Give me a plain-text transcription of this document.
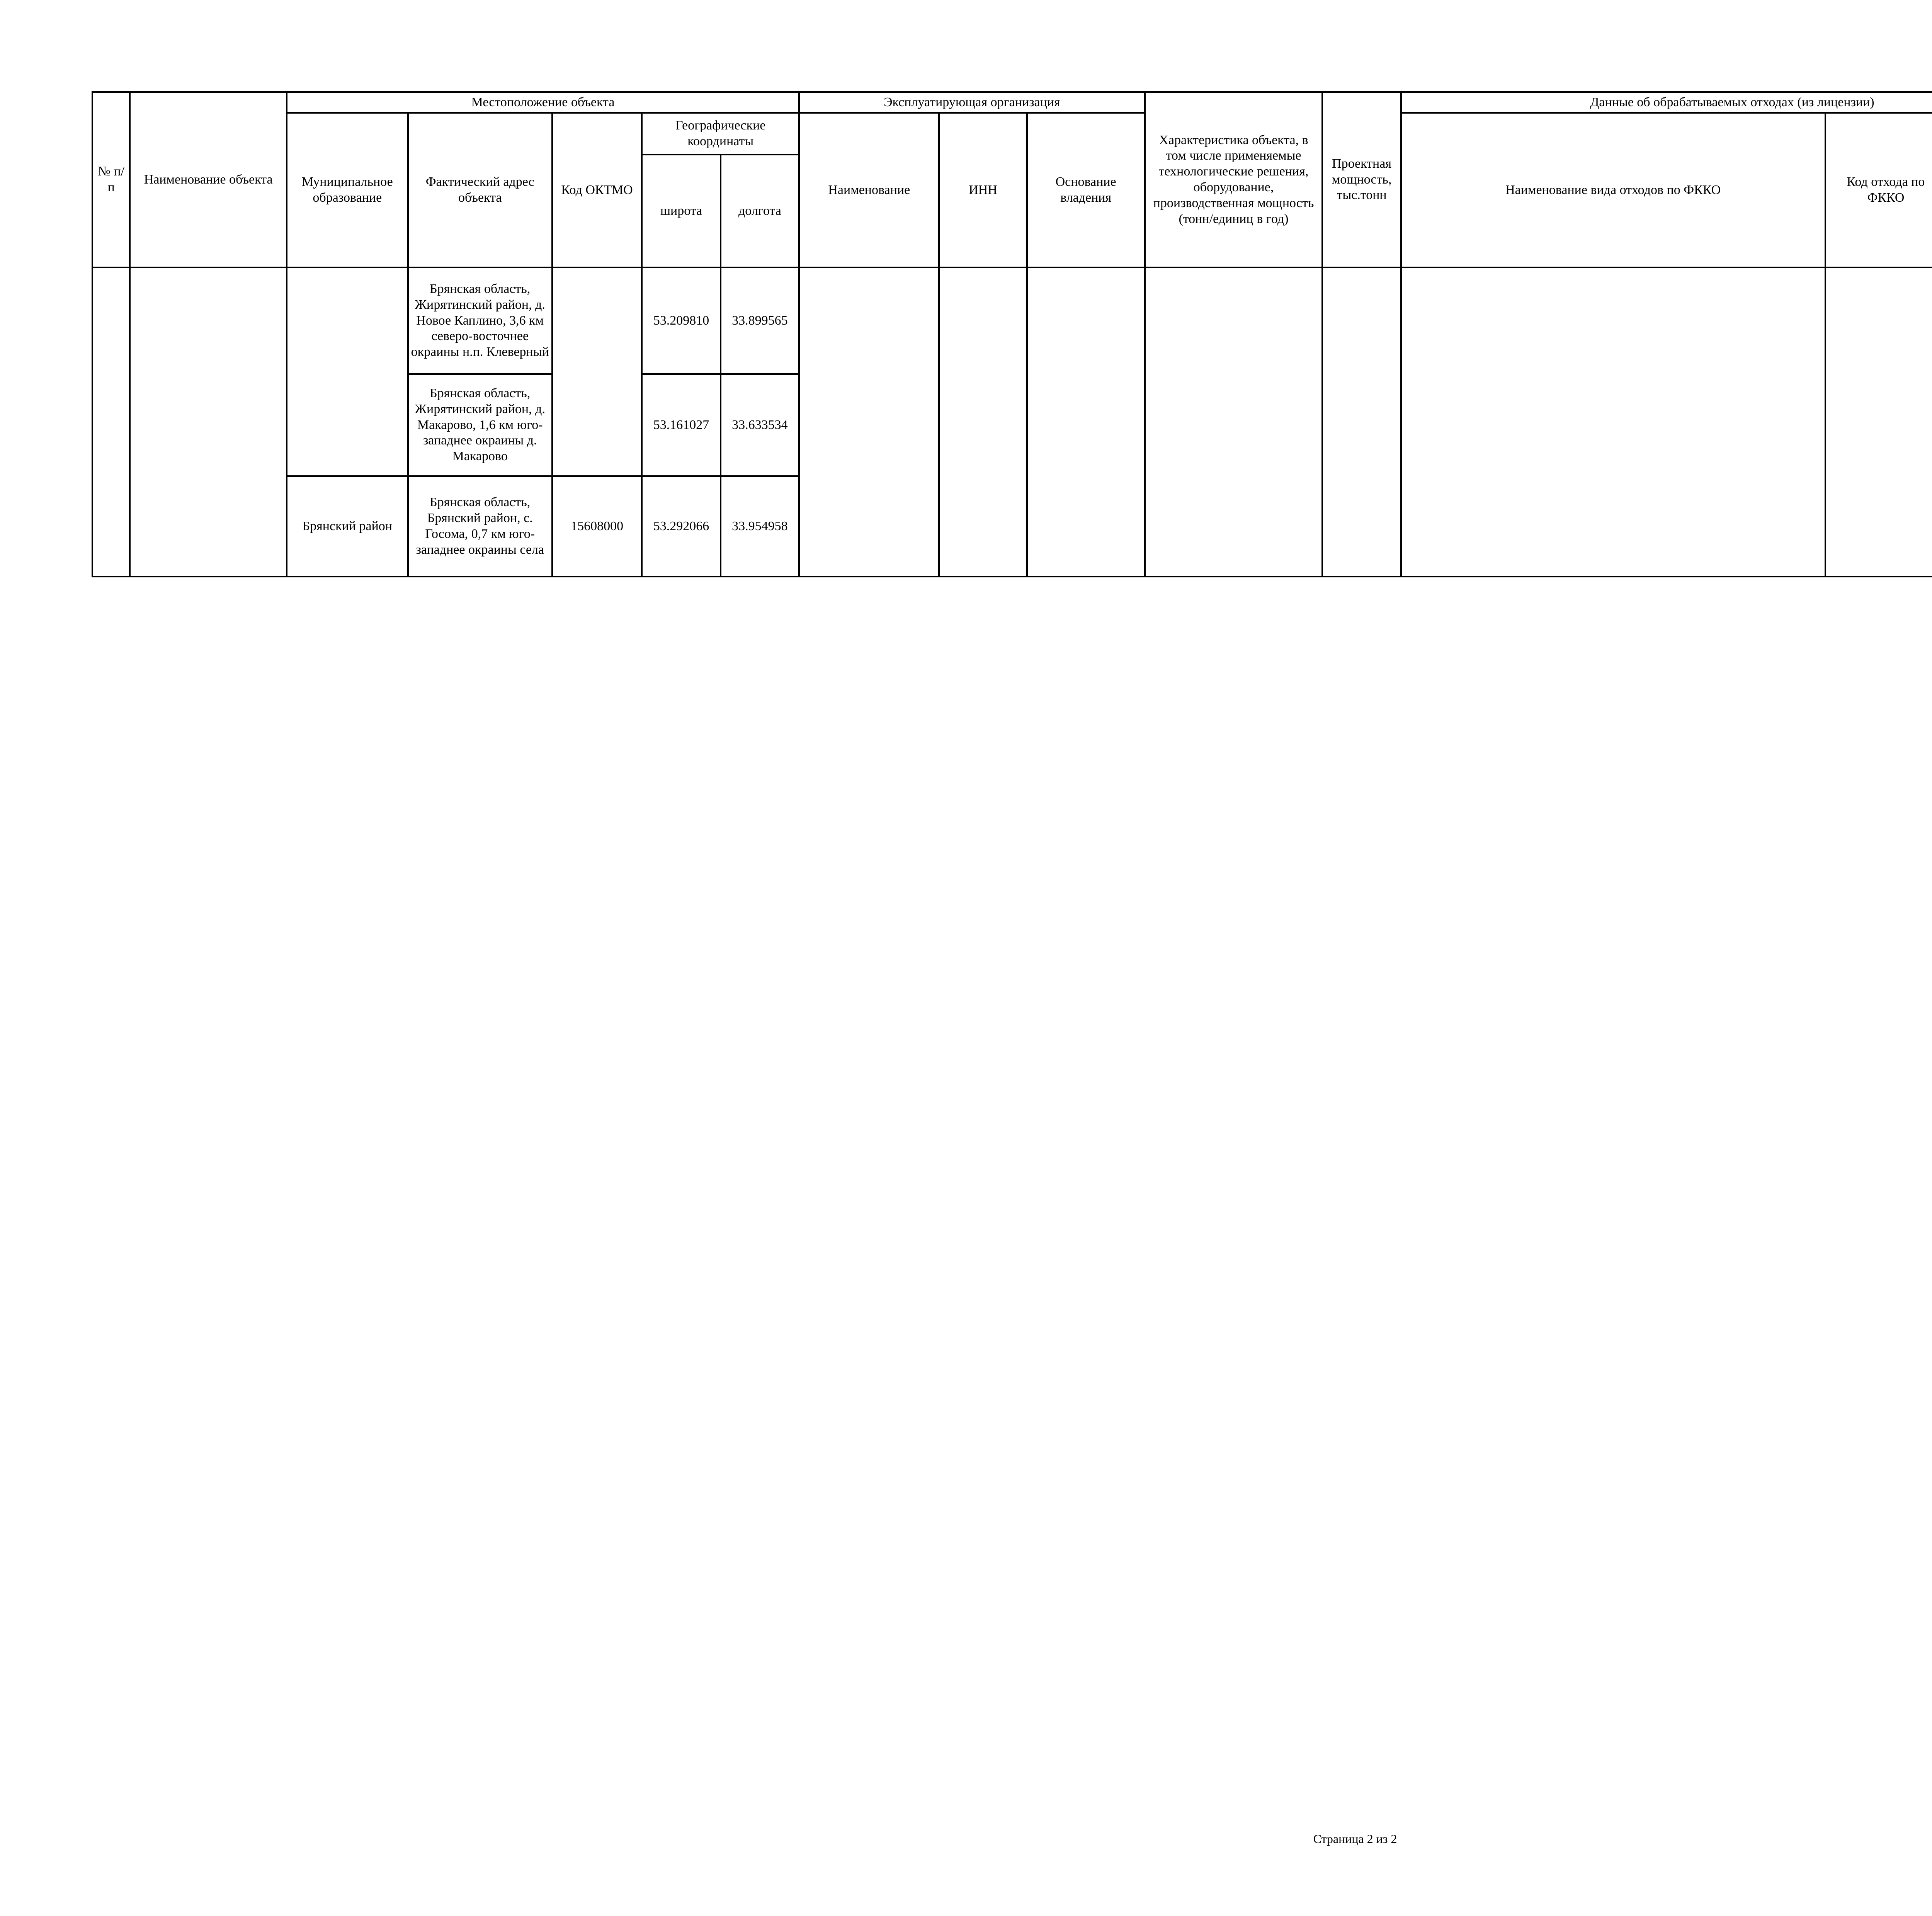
№ п/п	Наименование объекта	Местоположение объекта					Эксплуатирующая организация			Характеристика объекта, в том числе применяемые технологические решения, оборудование, производственная мощность (тонн/единиц в год)	Проектная мощность, тыс.тонн	Данные об обрабатываемых отходах (из лицензии)				
		Муниципальное образование	Фактический адрес объекта	Код ОКТМО	Географические координаты		Наименование	ИНН	Основание владения			Наименование вида отходов по ФККО	Код отхода по ФККО	
					широта	долгота												
			Брянская область, Жирятинский район, д. Новое Каплино, 3,6 км северо-восточнее окраины н.п. Клеверный		53.209810	33.899565												
			Брянская область, Жирятинский район, д. Макарово, 1,6 км юго-западнее окраины д. Макарово		53.161027	33.633534												
		Брянский район	Брянская область, Брянский район, с. Госома, 0,7 км юго-западнее окраины села	15608000	53.292066	33.954958												
Страница 2 из 2
